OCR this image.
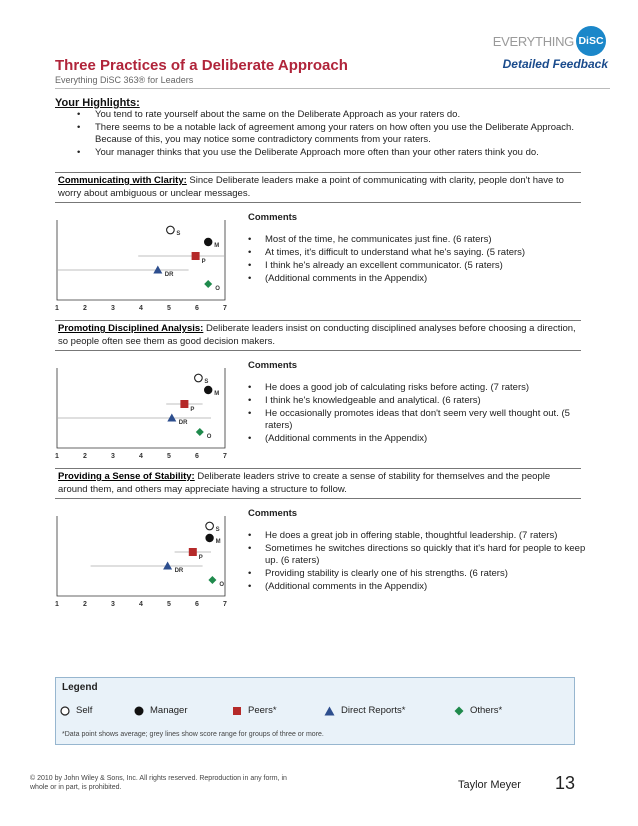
EVERYTHING DiSC
Three Practices of a Deliberate Approach
Everything DiSC 363® for Leaders
Detailed Feedback
Your Highlights:
• You tend to rate yourself about the same on the Deliberate Approach as your raters do.
• There seems to be a notable lack of agreement among your raters on how often you use the Deliberate Approach. Because of this, you may notice some contradictory comments from your raters.
• Your manager thinks that you use the Deliberate Approach more often than your other raters think you do.
Communicating with Clarity: Since Deliberate leaders make a point of communicating with clarity, people don't have to worry about ambiguous or unclear messages.
S
M
P
DR
O
1	2	3	4	5	6	7
Comments
• Most of the time, he communicates just fine. (6 raters)
• At times, it's difficult to understand what he's saying. (5 raters)
• I think he's already an excellent communicator. (5 raters)
• (Additional comments in the Appendix)
Promoting Disciplined Analysis: Deliberate leaders insist on conducting disciplined analyses before choosing a direction, so people often see them as good decision makers.
S
M
P
DR
O
1	2	3	4	5	6	7
Comments
• He does a good job of calculating risks before acting. (7 raters)
• I think he's knowledgeable and analytical. (6 raters)
• He occasionally promotes ideas that don't seem very well thought out. (5 raters)
• (Additional comments in the Appendix)
Providing a Sense of Stability: Deliberate leaders strive to create a sense of stability for themselves and the people around them, and others may appreciate having a structure to follow.
S
M
P
DR
O
1	2	3	4	5	6	7
Comments
• He does a great job in offering stable, thoughtful leadership. (7 raters)
• Sometimes he switches directions so quickly that it's hard for people to keep up. (6 raters)
• Providing stability is clearly one of his strengths. (6 raters)
• (Additional comments in the Appendix)
Legend
Self	Manager	Peers*	Direct Reports*	Others*
*Data point shows average; grey lines show score range for groups of three or more.
© 2010 by John Wiley & Sons, Inc. All rights reserved. Reproduction in any form, in whole or in part, is prohibited.	Taylor Meyer 13
